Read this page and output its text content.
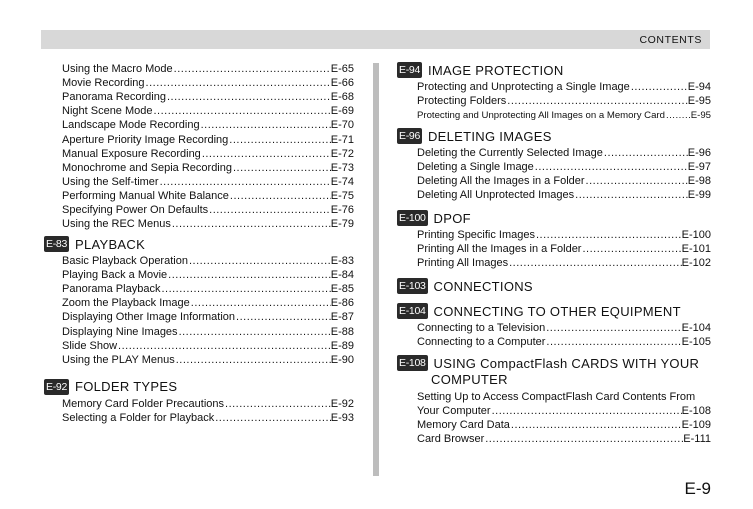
CONTENTS
Using the Macro Mode .....	E-65
Movie Recording .....	E-66
Panorama Recording .....	E-68
Night Scene Mode .....	E-69
Landscape Mode Recording .....	E-70
Aperture Priority Image Recording .....	E-71
Manual Exposure Recording .....	E-72
Monochrome and Sepia Recording .....	E-73
Using the Self-timer .....	E-74
Performing Manual White Balance .....	E-75
Specifying Power On Defaults .....	E-76
Using the REC Menus .....	E-79
E-83 PLAYBACK
Basic Playback Operation .....	E-83
Playing Back a Movie .....	E-84
Panorama Playback .....	E-85
Zoom the Playback Image .....	E-86
Displaying Other Image Information .....	E-87
Displaying Nine Images .....	E-88
Slide Show .....	E-89
Using the PLAY Menus .....	E-90
E-92 FOLDER TYPES
Memory Card Folder Precautions .....	E-92
Selecting a Folder for Playback .....	E-93
E-94 IMAGE PROTECTION
Protecting and Unprotecting a Single Image .....	E-94
Protecting Folders .....	E-95
Protecting and Unprotecting All Images on a Memory Card .....	E-95
E-96 DELETING IMAGES
Deleting the Currently Selected Image .....	E-96
Deleting a Single Image .....	E-97
Deleting All the Images in a Folder .....	E-98
Deleting All Unprotected Images .....	E-99
E-100 DPOF
Printing Specific Images .....	E-100
Printing All the Images in a Folder .....	E-101
Printing All Images .....	E-102
E-103 CONNECTIONS
E-104 CONNECTING TO OTHER EQUIPMENT
Connecting to a Television .....	E-104
Connecting to a Computer .....	E-105
E-108 USING CompactFlash CARDS WITH YOUR
COMPUTER
Setting Up to Access CompactFlash Card Contents From
Your Computer .....	E-108
Memory Card Data .....	E-109
Card Browser .....	E-111
E-9
